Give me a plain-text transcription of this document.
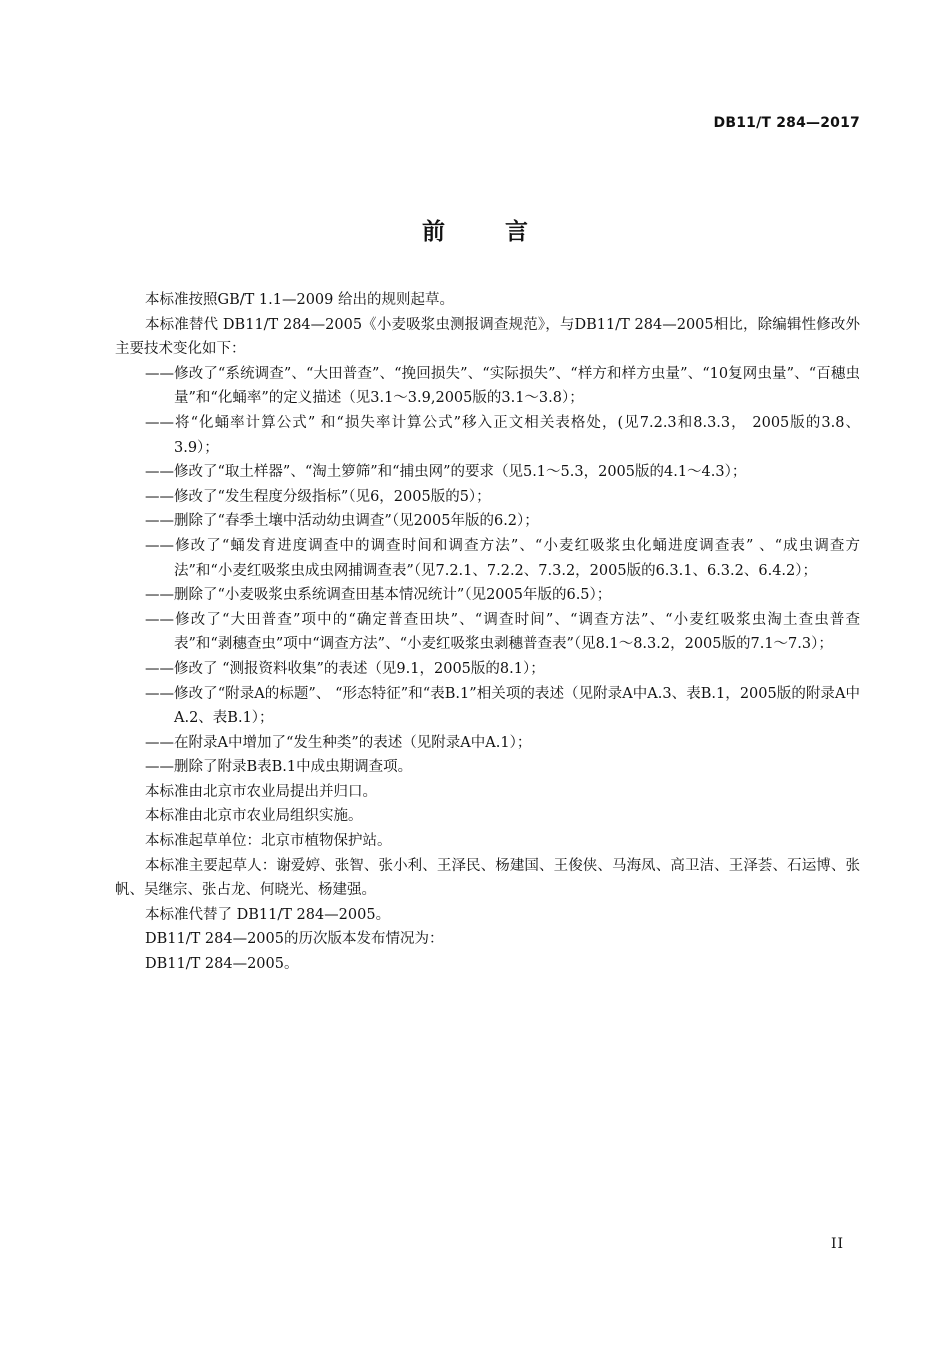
DB11/T 284—2017
前 言

本标准按照GB/T 1.1—2009 给出的规则起草。

本标准替代 DB11/T 284—2005《小麦吸浆虫测报调查规范》，与DB11/T 284—2005相比，除编辑性修改外主要技术变化如下：

——修改了“系统调查”、“大田普查”、“挽回损失”、“实际损失”、“样方和样方虫量”、“10复网虫量”、“百穗虫量”和“化蛹率”的定义描述（见3.1～3.9,2005版的3.1～3.8）；

——将“化蛹率计算公式” 和“损失率计算公式”移入正文相关表格处，(见7.2.3和8.3.3， 2005版的3.8、3.9）；

——修改了“取土样器”、“淘土箩筛”和“捕虫网”的要求（见5.1～5.3，2005版的4.1～4.3）；

——修改了“发生程度分级指标”（见6，2005版的5）；

——删除了“春季土壤中活动幼虫调查”（见2005年版的6.2）；

——修改了“蛹发育进度调查中的调查时间和调查方法”、“小麦红吸浆虫化蛹进度调查表” 、“成虫调查方法”和“小麦红吸浆虫成虫网捕调查表”（见7.2.1、7.2.2、7.3.2，2005版的6.3.1、6.3.2、6.4.2）；

——删除了“小麦吸浆虫系统调查田基本情况统计”（见2005年版的6.5）；

——修改了“大田普查”项中的“确定普查田块”、“调查时间”、“调查方法”、“小麦红吸浆虫淘土查虫普查表”和“剥穗查虫”项中“调查方法”、“小麦红吸浆虫剥穗普查表”（见8.1～8.3.2，2005版的7.1～7.3）；

——修改了 “测报资料收集”的表述（见9.1，2005版的8.1）；

——修改了“附录A的标题”、 “形态特征”和“表B.1”相关项的表述（见附录A中A.3、表B.1，2005版的附录A中A.2、表B.1）；

——在附录A中增加了“发生种类”的表述（见附录A中A.1）；

——删除了附录B表B.1中成虫期调查项。

本标准由北京市农业局提出并归口。

本标准由北京市农业局组织实施。

本标准起草单位：北京市植物保护站。

本标准主要起草人：谢爱婷、张智、张小利、王泽民、杨建国、王俊侠、马海凤、高卫洁、王泽荟、石运博、张帆、吴继宗、张占龙、何晓光、杨建强。

本标准代替了 DB11/T 284—2005。

DB11/T 284—2005的历次版本发布情况为：

DB11/T 284—2005。

II
